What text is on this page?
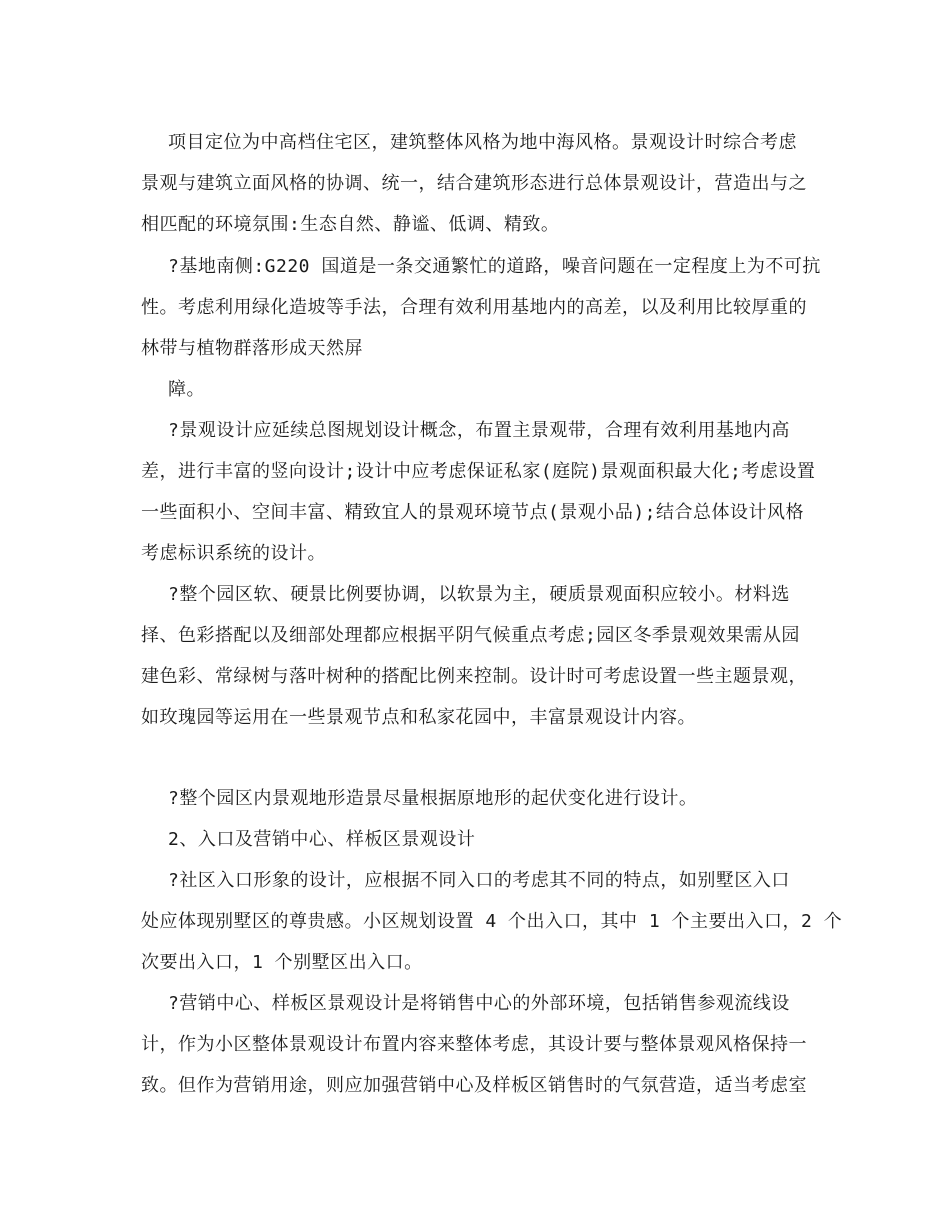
项目定位为中高档住宅区，建筑整体风格为地中海风格。景观设计时综合考虑
景观与建筑立面风格的协调、统一，结合建筑形态进行总体景观设计，营造出与之
相匹配的环境氛围:生态自然、静谧、低调、精致。
?基地南侧:G220 国道是一条交通繁忙的道路，噪音问题在一定程度上为不可抗
性。考虑利用绿化造坡等手法，合理有效利用基地内的高差，以及利用比较厚重的
林带与植物群落形成天然屏
障。
?景观设计应延续总图规划设计概念，布置主景观带，合理有效利用基地内高
差，进行丰富的竖向设计;设计中应考虑保证私家(庭院)景观面积最大化;考虑设置
一些面积小、空间丰富、精致宜人的景观环境节点(景观小品);结合总体设计风格
考虑标识系统的设计。
?整个园区软、硬景比例要协调，以软景为主，硬质景观面积应较小。材料选
择、色彩搭配以及细部处理都应根据平阴气候重点考虑;园区冬季景观效果需从园
建色彩、常绿树与落叶树种的搭配比例来控制。设计时可考虑设置一些主题景观，
如玫瑰园等运用在一些景观节点和私家花园中，丰富景观设计内容。
?整个园区内景观地形造景尽量根据原地形的起伏变化进行设计。
2、入口及营销中心、样板区景观设计
?社区入口形象的设计，应根据不同入口的考虑其不同的特点，如别墅区入口
处应体现别墅区的尊贵感。小区规划设置 4 个出入口，其中 1 个主要出入口，2 个
次要出入口，1 个别墅区出入口。
?营销中心、样板区景观设计是将销售中心的外部环境，包括销售参观流线设
计，作为小区整体景观设计布置内容来整体考虑，其设计要与整体景观风格保持一
致。但作为营销用途，则应加强营销中心及样板区销售时的气氛营造，适当考虑室
